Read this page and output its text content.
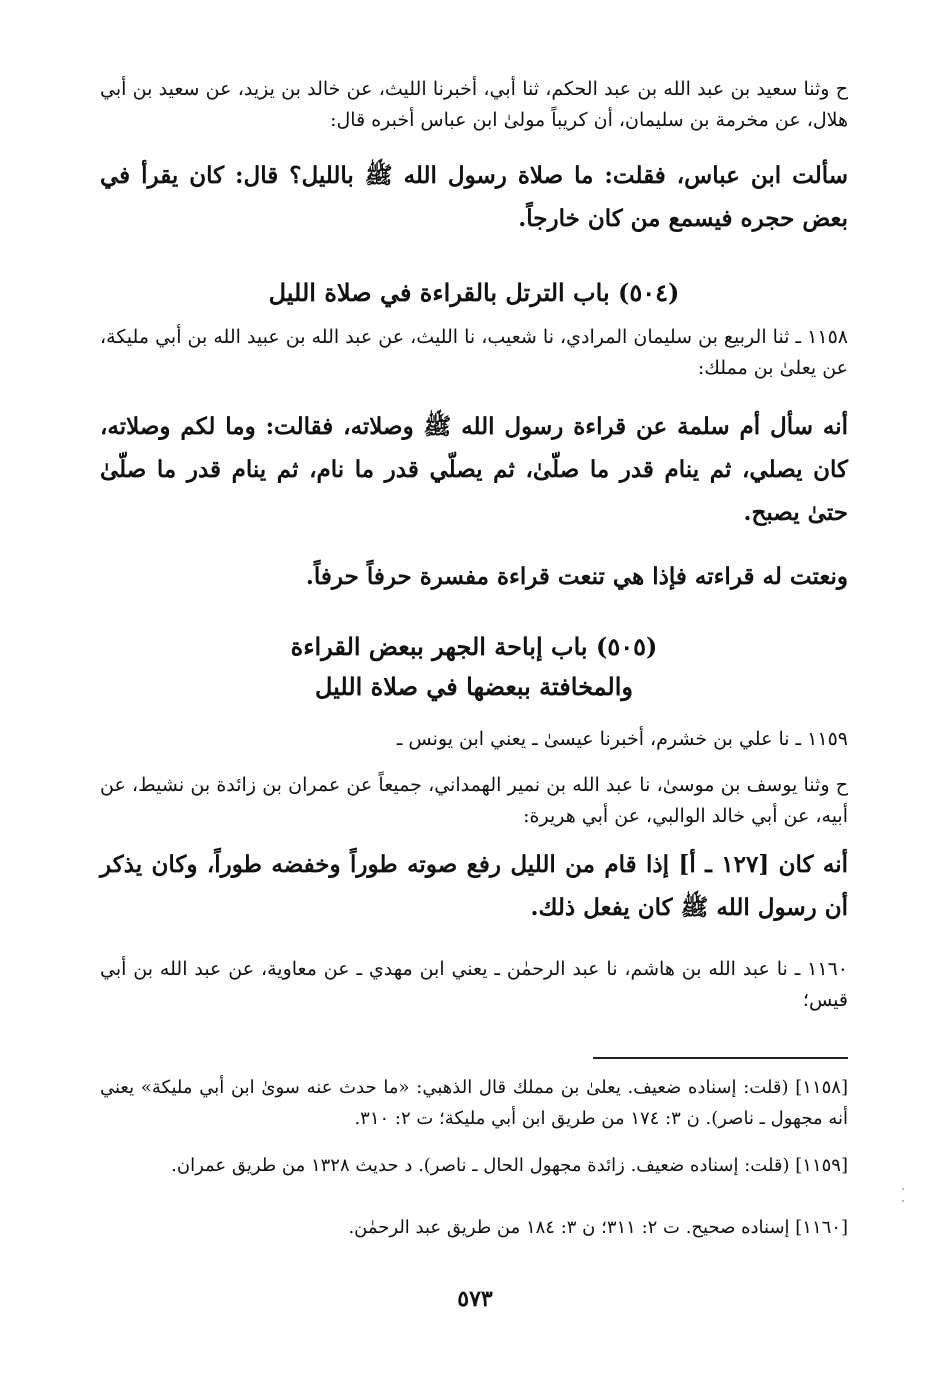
ح وثنا سعيد بن عبد الله بن عبد الحكم، ثنا أبي، أخبرنا الليث، عن خالد بن يزيد، عن سعيد بن أبي هلال، عن مخرمة بن سليمان، أن كريباً مولىٰ ابن عباس أخبره قال:

سألت ابن عباس، فقلت: ما صلاة رسول الله ﷺ بالليل؟ قال: كان يقرأ في بعض حجره فيسمع من كان خارجاً.

(٥٠٤) باب الترتل بالقراءة في صلاة الليل

١١٥٨ ـ ثنا الربيع بن سليمان المرادي، نا شعيب، نا الليث، عن عبد الله بن عبيد الله بن أبي مليكة، عن يعلىٰ بن مملك:

أنه سأل أم سلمة عن قراءة رسول الله ﷺ وصلاته، فقالت: وما لكم وصلاته، كان يصلي، ثم ينام قدر ما صلّىٰ، ثم يصلّي قدر ما نام، ثم ينام قدر ما صلّىٰ حتىٰ يصبح.

ونعتت له قراءته فإذا هي تنعت قراءة مفسرة حرفاً حرفاً.

(٥٠٥) باب إباحة الجهر ببعض القراءة
والمخافتة ببعضها في صلاة الليل

١١٥٩ ـ نا علي بن خشرم، أخبرنا عيسىٰ ـ يعني ابن يونس ـ

ح وثنا يوسف بن موسىٰ، نا عبد الله بن نمير الهمداني، جميعاً عن عمران بن زائدة بن نشيط، عن أبيه، عن أبي خالد الوالبي، عن أبي هريرة:

أنه كان [١٢٧ ـ أ] إذا قام من الليل رفع صوته طوراً وخفضه طوراً، وكان يذكر أن رسول الله ﷺ كان يفعل ذلك.

١١٦٠ ـ نا عبد الله بن هاشم، نا عبد الرحمٰن ـ يعني ابن مهدي ـ عن معاوية، عن عبد الله بن أبي قيس؛

[١١٥٨] (قلت: إسناده ضعيف. يعلىٰ بن مملك قال الذهبي: «ما حدث عنه سوىٰ ابن أبي مليكة» يعني أنه مجهول ـ ناصر). ن ٣: ١٧٤ من طريق ابن أبي مليكة؛ ت ٢: ٣١٠.

[١١٥٩] (قلت: إسناده ضعيف. زائدة مجهول الحال ـ ناصر). د حديث ١٣٢٨ من طريق عمران.

[١١٦٠] إسناده صحيح. ت ٢: ٣١١؛ ن ٣: ١٨٤ من طريق عبد الرحمٰن.

٥٧٣
